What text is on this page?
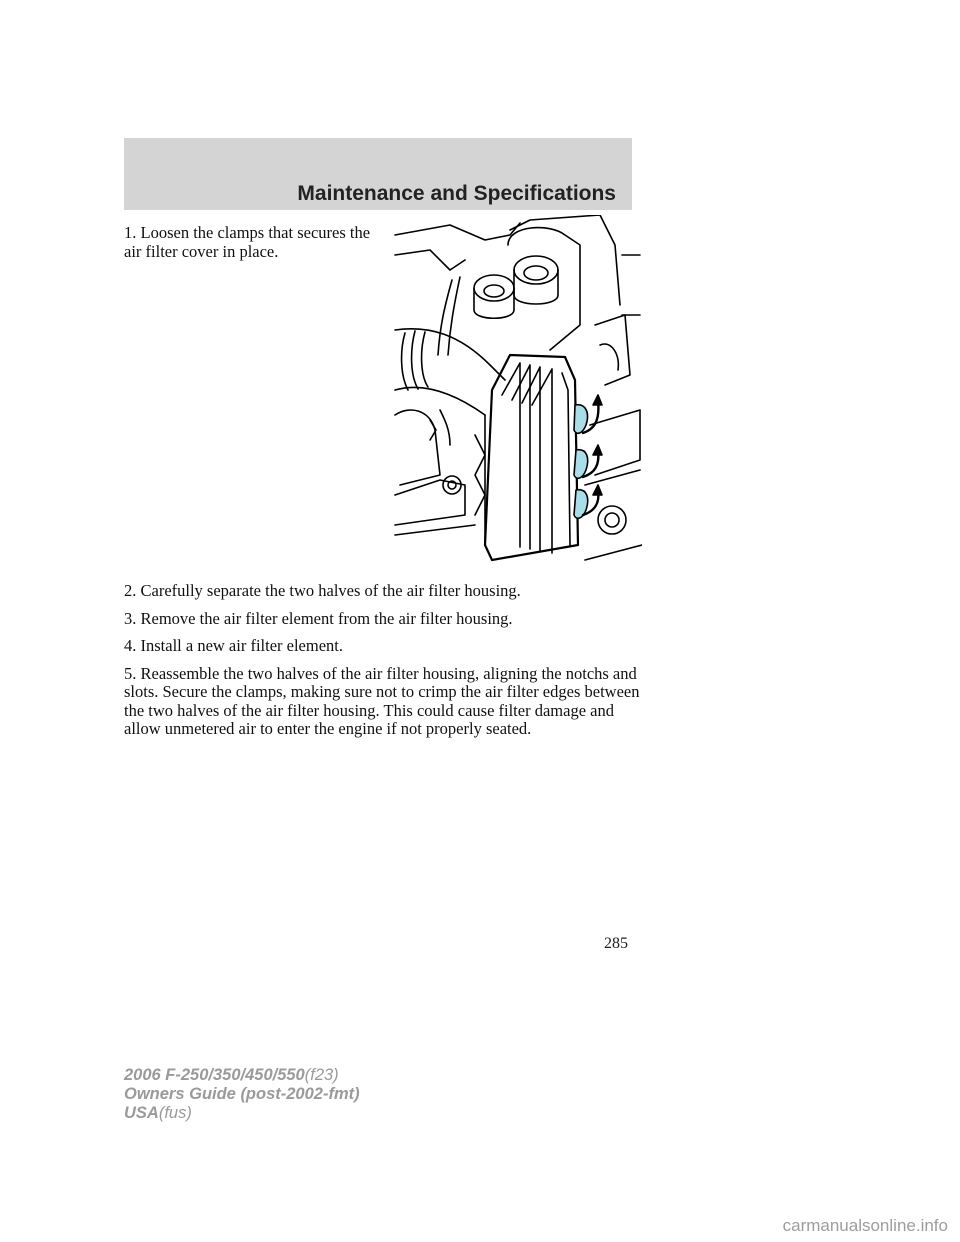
Maintenance and Specifications
1. Loosen the clamps that secures the air filter cover in place.

2. Carefully separate the two halves of the air filter housing.

3. Remove the air filter element from the air filter housing.

4. Install a new air filter element.

5. Reassemble the two halves of the air filter housing, aligning the notchs and slots. Secure the clamps, making sure not to crimp the air filter edges between the two halves of the air filter housing. This could cause filter damage and allow unmetered air to enter the engine if not properly seated.

285
2006 F-250/350/450/550(f23)
Owners Guide (post-2002-fmt)
USA(fus)
carmanualsonline.info
